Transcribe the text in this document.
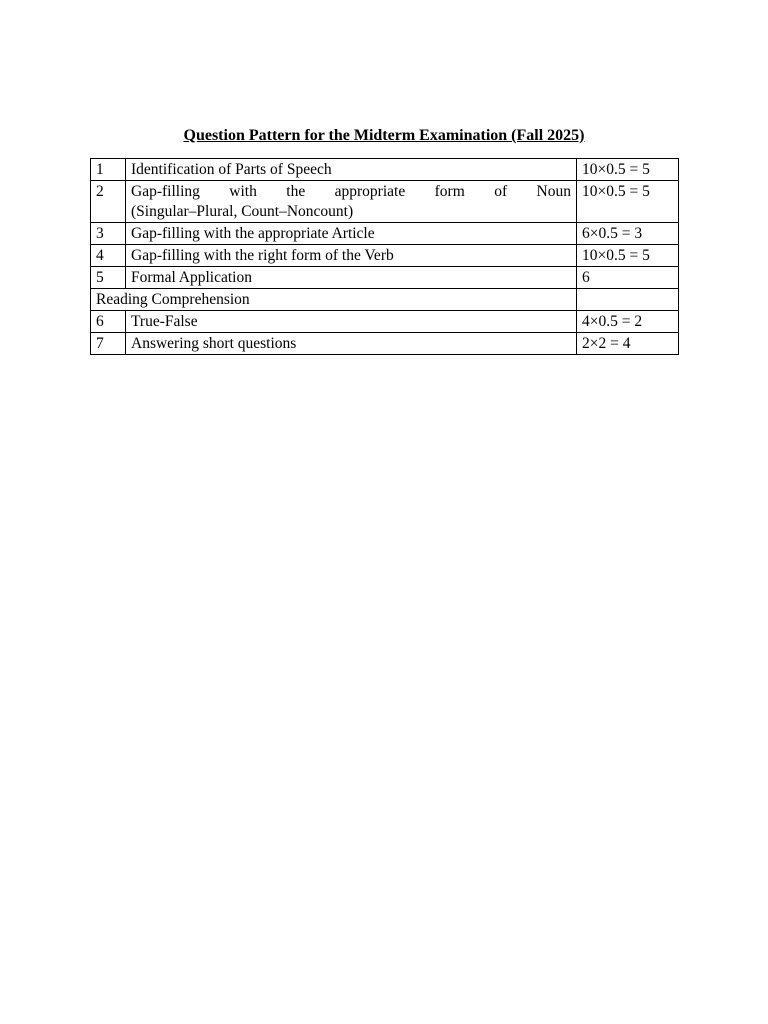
Question Pattern for the Midterm Examination (Fall 2025)
1	Identification of Parts of Speech	10×0.5 = 5
2	Gap-filling with the appropriate form of Noun
(Singular–Plural, Count–Noncount)	10×0.5 = 5
3	Gap-filling with the appropriate Article	6×0.5 = 3
4	Gap-filling with the right form of the Verb	10×0.5 = 5
5	Formal Application	6
Reading Comprehension		
6	True-False	4×0.5 = 2
7	Answering short questions	2×2 = 4
